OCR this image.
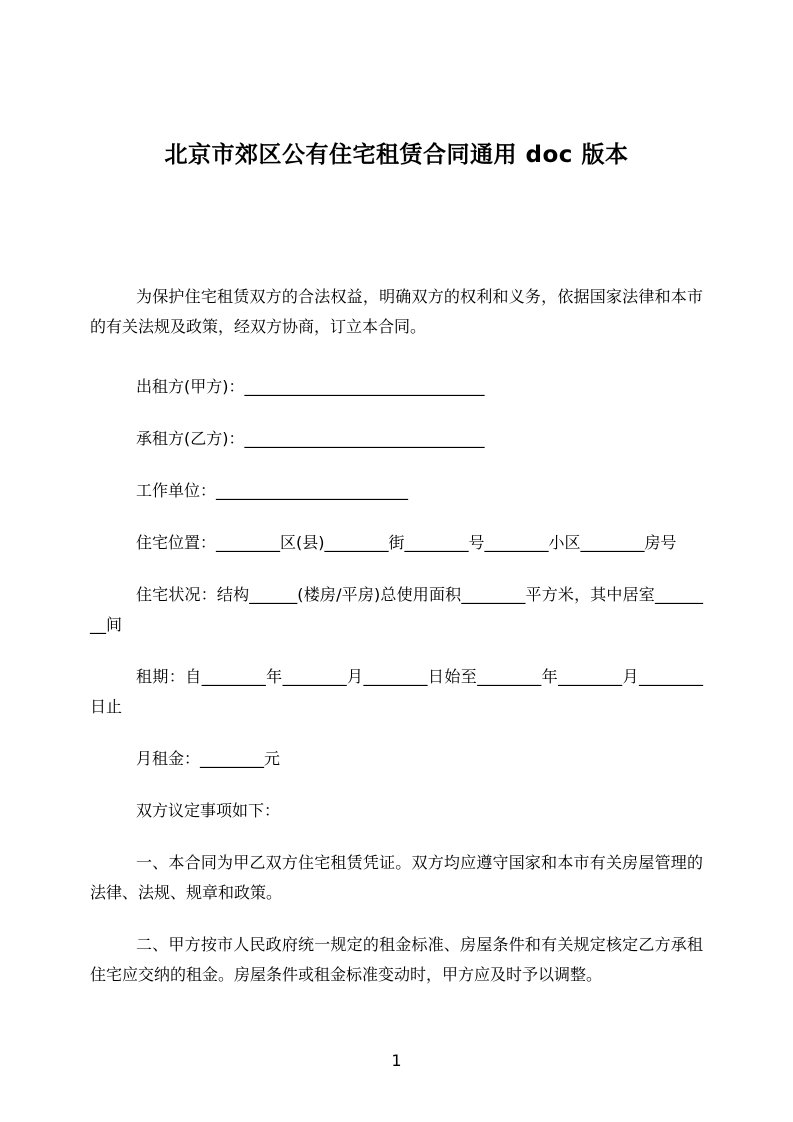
北京市郊区公有住宅租赁合同通用 doc 版本

为保护住宅租赁双方的合法权益，明确双方的权利和义务，依据国家法律和本市的有关法规及政策，经双方协商，订立本合同。

出租方(甲方)：______________________________

承租方(乙方)：______________________________

工作单位：________________________

住宅位置：________区(县)________街________号________小区________房号

住宅状况：结构______(楼房/平房)总使用面积________平方米，其中居室________间

租期：自________年________月________日始至________年________月________日止

月租金：________元

双方议定事项如下：

一、本合同为甲乙双方住宅租赁凭证。双方均应遵守国家和本市有关房屋管理的法律、法规、规章和政策。

二、甲方按市人民政府统一规定的租金标准、房屋条件和有关规定核定乙方承租住宅应交纳的租金。房屋条件或租金标准变动时，甲方应及时予以调整。

1
